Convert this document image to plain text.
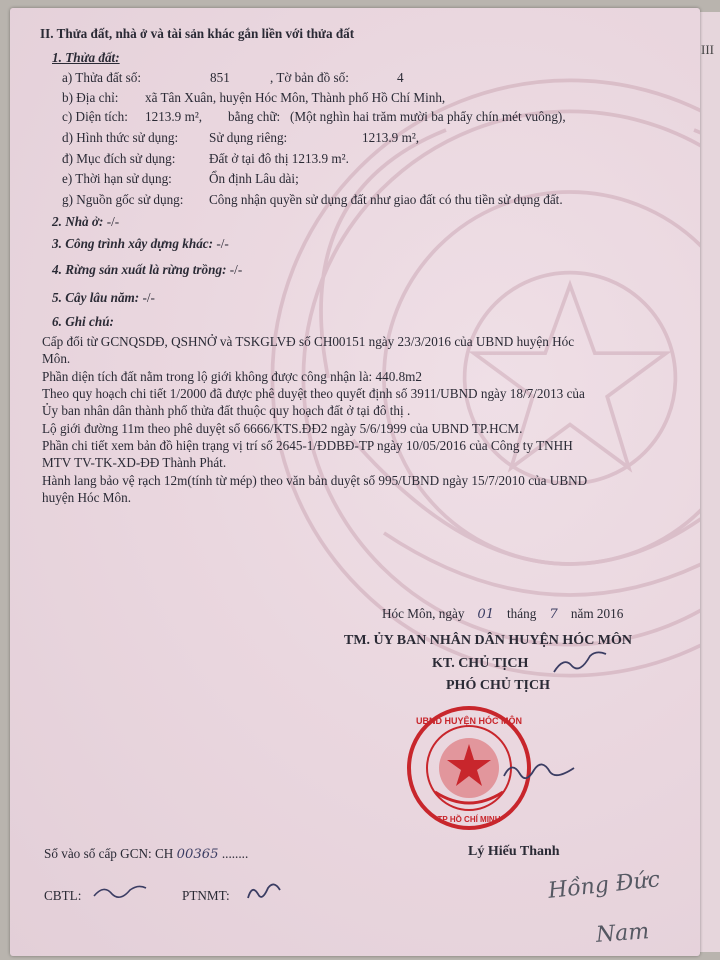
III
II. Thửa đất, nhà ở và tài sản khác gắn liền với thửa đất
1. Thửa đất:
a) Thửa đất số:	851	, Tờ bản đồ số:	4
b) Địa chỉ: xã Tân Xuân, huyện Hóc Môn, Thành phố Hồ Chí Minh,
c) Diện tích: 1213.9 m², bằng chữ: (Một nghìn hai trăm mười ba phẩy chín mét vuông),
d) Hình thức sử dụng: Sử dụng riêng:	1213.9 m²,
đ) Mục đích sử dụng:	Đất ở tại đô thị 1213.9 m².
e) Thời hạn sử dụng:	Ổn định Lâu dài;
g) Nguồn gốc sử dụng: Công nhận quyền sử dụng đất như giao đất có thu tiền sử dụng đất.
2. Nhà ở: -/-
3. Công trình xây dựng khác: -/-
4. Rừng sản xuất là rừng trồng: -/-
5. Cây lâu năm: -/-
6. Ghi chú:
Cấp đổi từ GCNQSDĐ, QSHNỞ và TSKGLVĐ số CH00151 ngày 23/3/2016 của UBND huyện Hóc
Môn.
Phần diện tích đất nằm trong lộ giới không được công nhận là: 440.8m2
Theo quy hoạch chi tiết 1/2000 đã được phê duyệt theo quyết định số 3911/UBND ngày 18/7/2013 của
Ủy ban nhân dân thành phố thửa đất thuộc quy hoạch đất ở tại đô thị .
Lộ giới đường 11m theo phê duyệt số 6666/KTS.ĐĐ2 ngày 5/6/1999 của UBND TP.HCM.
Phần chi tiết xem bản đồ hiện trạng vị trí số 2645-1/ĐDBĐ-TP ngày 10/05/2016 của Công ty TNHH
MTV TV-TK-XD-ĐĐ Thành Phát.
Hành lang bảo vệ rạch 12m(tính từ mép) theo văn bản duyệt số 995/UBND ngày 15/7/2010 của UBND
huyện Hóc Môn.
Hóc Môn, ngày 01 tháng 7 năm 2016
TM. ỦY BAN NHÂN DÂN HUYỆN HÓC MÔN
KT. CHỦ TỊCH
PHÓ CHỦ TỊCH
UBND HUYỆN HÓC MÔN
TP HỒ CHÍ MINH
Lý Hiếu Thanh
Số vào sổ cấp GCN: CH 00365 ........
CBTL:	PTNMT:	Hồng Đức
Nam
